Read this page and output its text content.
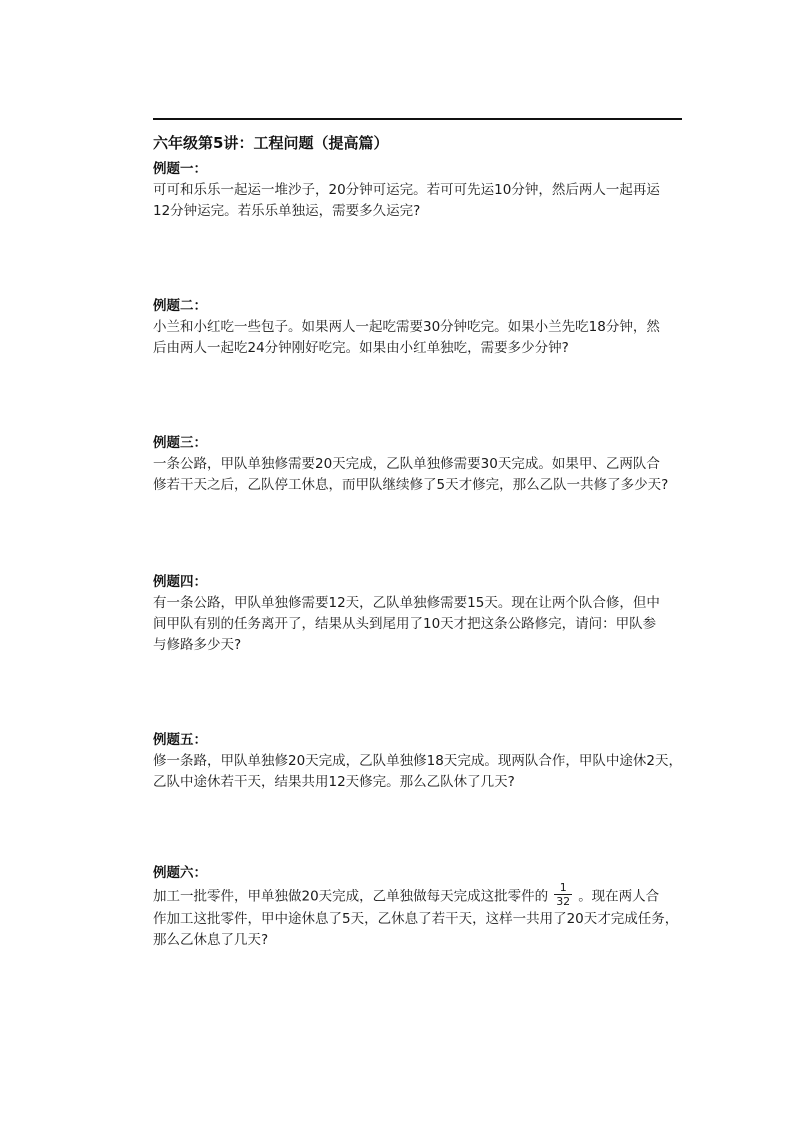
六年级第5讲：工程问题（提高篇）
例题一：
可可和乐乐一起运一堆沙子，20分钟可运完。若可可先运10分钟，然后两人一起再运
12分钟运完。若乐乐单独运，需要多久运完?
例题二：
小兰和小红吃一些包子。如果两人一起吃需要30分钟吃完。如果小兰先吃18分钟，然
后由两人一起吃24分钟刚好吃完。如果由小红单独吃，需要多少分钟?
例题三：
一条公路，甲队单独修需要20天完成，乙队单独修需要30天完成。如果甲、乙两队合
修若干天之后，乙队停工休息，而甲队继续修了5天才修完，那么乙队一共修了多少天?
例题四：
有一条公路，甲队单独修需要12天，乙队单独修需要15天。现在让两个队合修，但中
间甲队有别的任务离开了，结果从头到尾用了10天才把这条公路修完，请问：甲队参
与修路多少天?
例题五：
修一条路，甲队单独修20天完成，乙队单独修18天完成。现两队合作，甲队中途休2天，
乙队中途休若干天，结果共用12天修完。那么乙队休了几天?
例题六：
加工一批零件，甲单独做20天完成，乙单独做每天完成这批零件的 $\frac{1}{32}$ 。现在两人合
作加工这批零件，甲中途休息了5天，乙休息了若干天，这样一共用了20天才完成任务，
那么乙休息了几天?
